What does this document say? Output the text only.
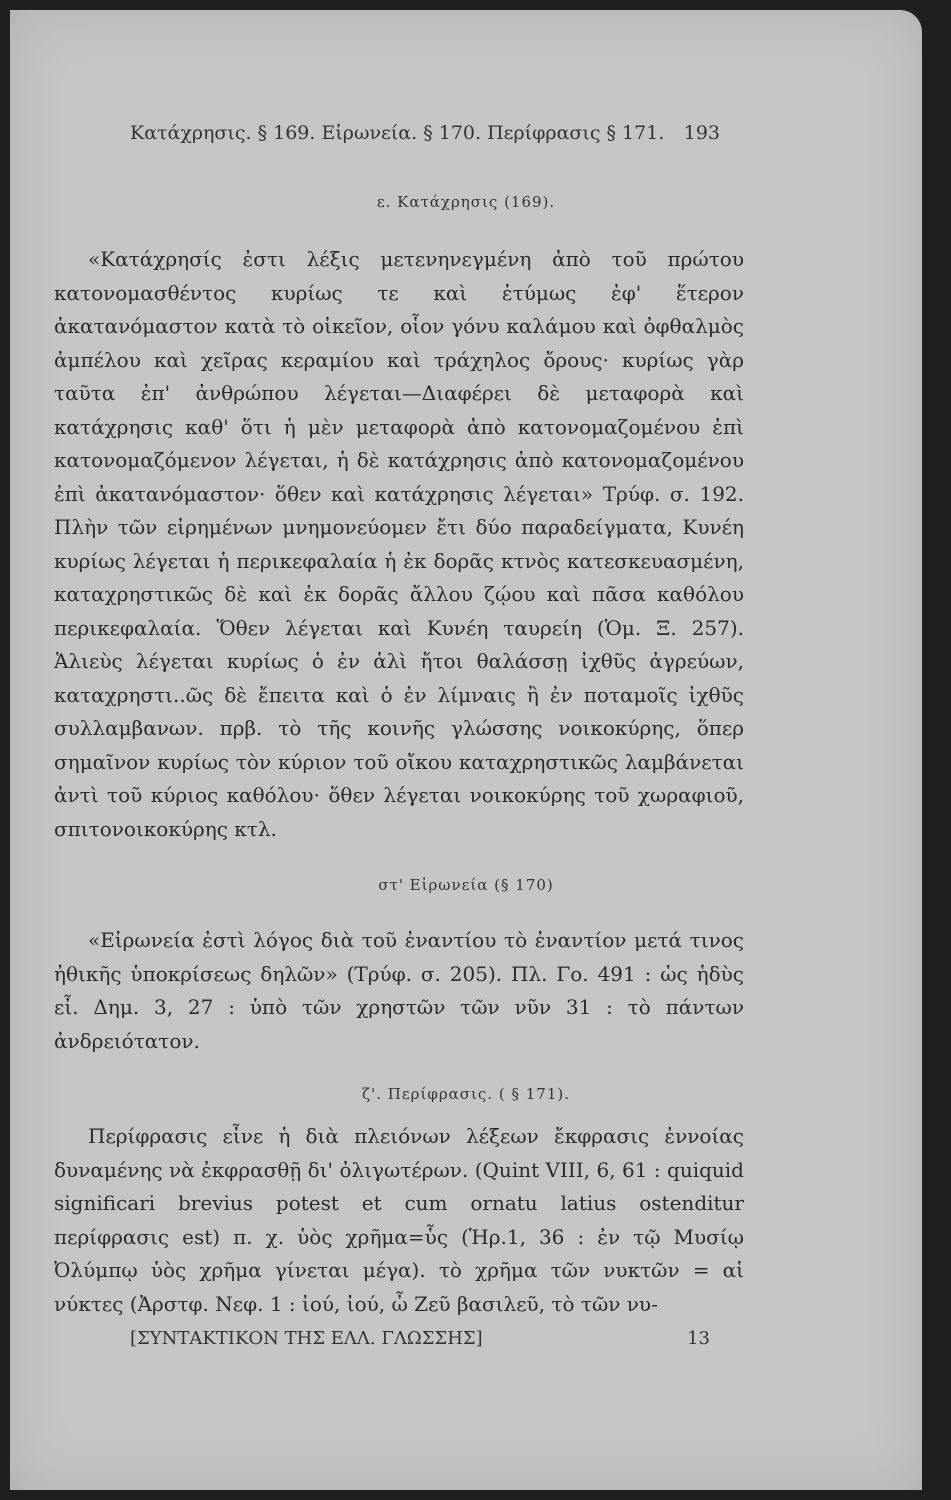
Κατάχρησις. § 169. Εἰρωνεία. § 170. Περίφρασις § 171. 193
ε. Κατάχρησις (169).
«Κατάχρησίς ἐστι λέξις μετενηνεγμένη ἀπὸ τοῦ πρώτου κατονομασθέντος κυρίως τε καὶ ἐτύμως ἐφ' ἕτερον ἀκατανόμαστον κατὰ τὸ οἰκεῖον, οἷον γόνυ καλάμου καὶ ὀφθαλμὸς ἀμπέλου καὶ χεῖρας κεραμίου καὶ τράχηλος ὄρους· κυρίως γὰρ ταῦτα ἐπ' ἀνθρώπου λέγεται—Διαφέρει δὲ μεταφορὰ καὶ κατάχρησις καθ' ὅτι ἡ μὲν μεταφορὰ ἀπὸ κατονομαζομένου ἐπὶ κατονομαζόμενον λέγεται, ἡ δὲ κατάχρησις ἀπὸ κατονομαζομένου ἐπὶ ἀκατανόμαστον· ὅθεν καὶ κατάχρησις λέγεται» Τρύφ. σ. 192. Πλὴν τῶν εἰρημένων μνημονεύομεν ἔτι δύο παραδείγματα, Κυνέη κυρίως λέγεται ἡ περικεφαλαία ἡ ἐκ δορᾶς κτνὸς κατεσκευασμένη, καταχρηστικῶς δὲ καὶ ἐκ δορᾶς ἄλλου ζῴου καὶ πᾶσα καθόλου περικεφαλαία. Ὅθεν λέγεται καὶ Κυνέη ταυρείη (Ὁμ. Ξ. 257). Ἁλιεὺς λέγεται κυρίως ὁ ἐν ἁλὶ ἤτοι θαλάσσῃ ἰχθῦς ἀγρεύων, καταχρηστι..ῶς δὲ ἔπειτα καὶ ὁ ἐν λίμναις ἢ ἐν ποταμοῖς ἰχθῦς συλλαμβανων. πρβ. τὸ τῆς κοινῆς γλώσσης νοικοκύρης, ὅπερ σημαῖνον κυρίως τὸν κύριον τοῦ οἴκου καταχρηστικῶς λαμβάνεται ἀντὶ τοῦ κύριος καθόλου· ὅθεν λέγεται νοικοκύρης τοῦ χωραφιοῦ, σπιτονοικοκύρης κτλ.
στ' Εἰρωνεία (§ 170)
«Εἰρωνεία ἐστὶ λόγος διὰ τοῦ ἐναντίου τὸ ἐναντίον μετά τινος ἠθικῆς ὑποκρίσεως δηλῶν» (Τρύφ. σ. 205). Πλ. Γο. 491 : ὡς ἡδὺς εἶ. Δημ. 3, 27 : ὑπὸ τῶν χρηστῶν τῶν νῦν 31 : τὸ πάντων ἀνδρειότατον.
ζ'. Περίφρασις. ( § 171).
Περίφρασις εἶνε ἡ διὰ πλειόνων λέξεων ἔκφρασις ἐννοίας δυναμένης νὰ ἐκφρασθῇ δι' ὀλιγωτέρων. (Quint VIII, 6, 61 : quiquid significari brevius potest et cum ornatu latius ostenditur περίφρασις est) π. χ. ὑὸς χρῆμα=ὗς (Ἡρ.1, 36 : ἐν τῷ Μυσίῳ Ὀλύμπῳ ὑὸς χρῆμα γίνεται μέγα). τὸ χρῆμα τῶν νυκτῶν = αἱ νύκτες (Ἀρστφ. Νεφ. 1 : ἰού, ἰού, ὦ Ζεῦ βασιλεῦ, τὸ τῶν νυ-
[ΣΥΝΤΑΚΤΙΚΟΝ ΤΗΣ ΕΛΛ. ΓΛΩΣΣΗΣ]	13
